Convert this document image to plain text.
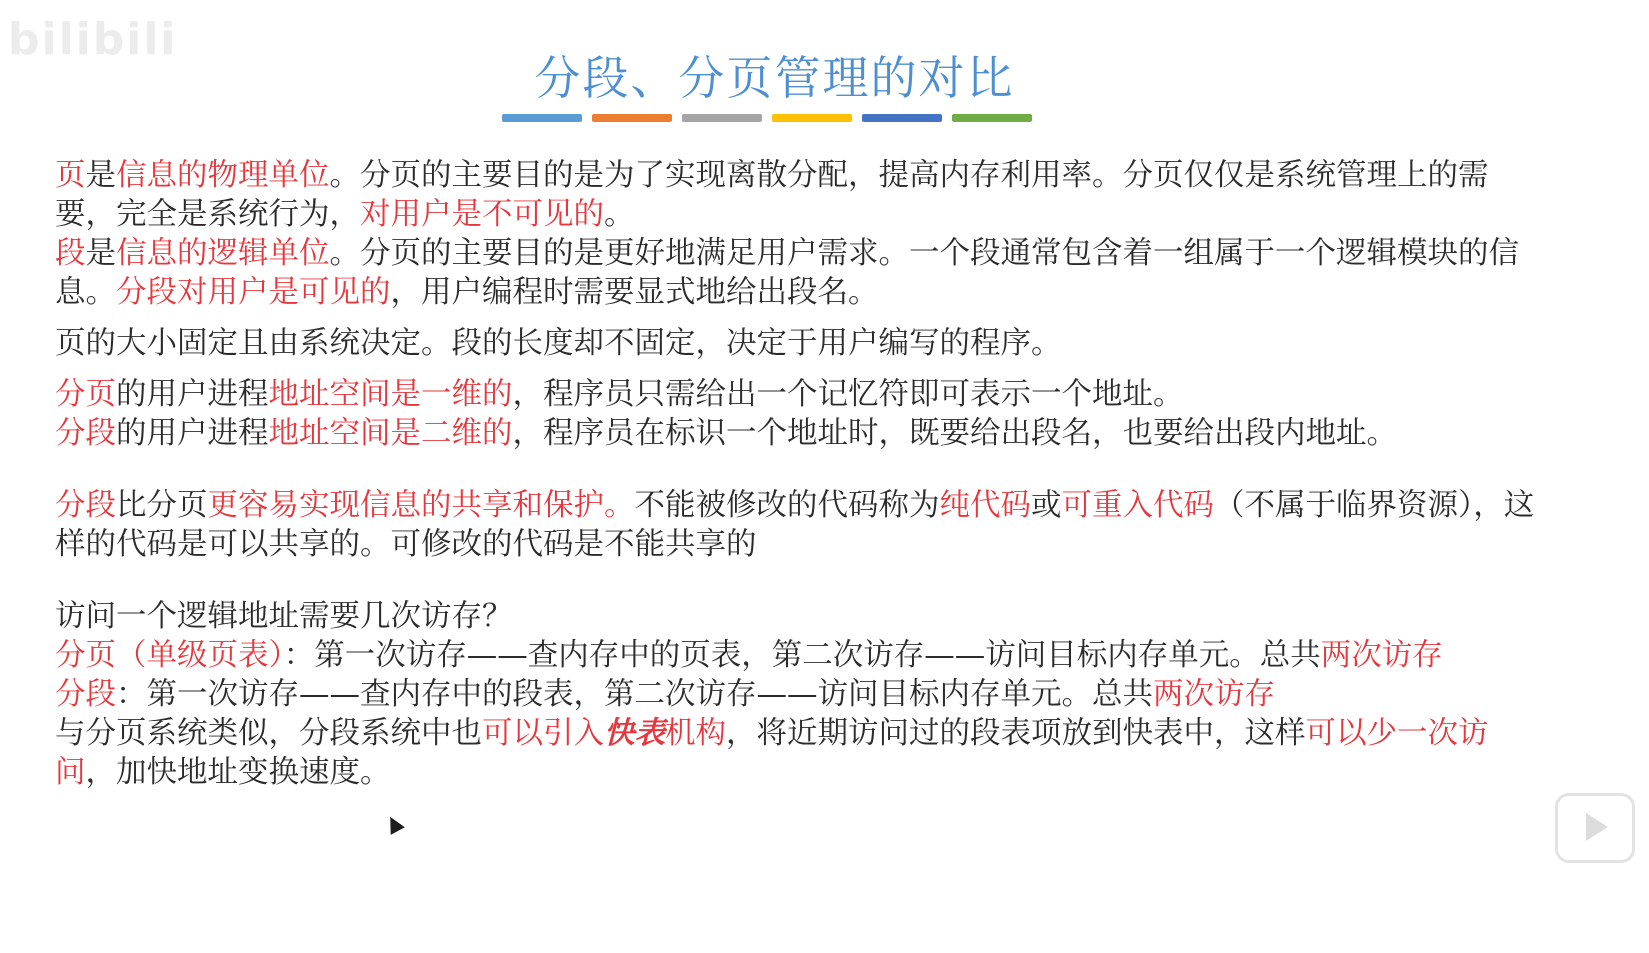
bilibili
分段、分页管理的对比

页是信息的物理单位。分页的主要目的是为了实现离散分配，提高内存利用率。分页仅仅是系统管理上的需要，完全是系统行为，对用户是不可见的。

段是信息的逻辑单位。分页的主要目的是更好地满足用户需求。一个段通常包含着一组属于一个逻辑模块的信息。分段对用户是可见的，用户编程时需要显式地给出段名。

页的大小固定且由系统决定。段的长度却不固定，决定于用户编写的程序。

分页的用户进程地址空间是一维的，程序员只需给出一个记忆符即可表示一个地址。

分段的用户进程地址空间是二维的，程序员在标识一个地址时，既要给出段名，也要给出段内地址。

分段比分页更容易实现信息的共享和保护。不能被修改的代码称为纯代码或可重入代码（不属于临界资源），这样的代码是可以共享的。可修改的代码是不能共享的

访问一个逻辑地址需要几次访存？

分页（单级页表）：第一次访存——查内存中的页表，第二次访存——访问目标内存单元。总共两次访存

分段：第一次访存——查内存中的段表，第二次访存——访问目标内存单元。总共两次访存

与分页系统类似，分段系统中也可以引入快表机构，将近期访问过的段表项放到快表中，这样可以少一次访问，加快地址变换速度。
